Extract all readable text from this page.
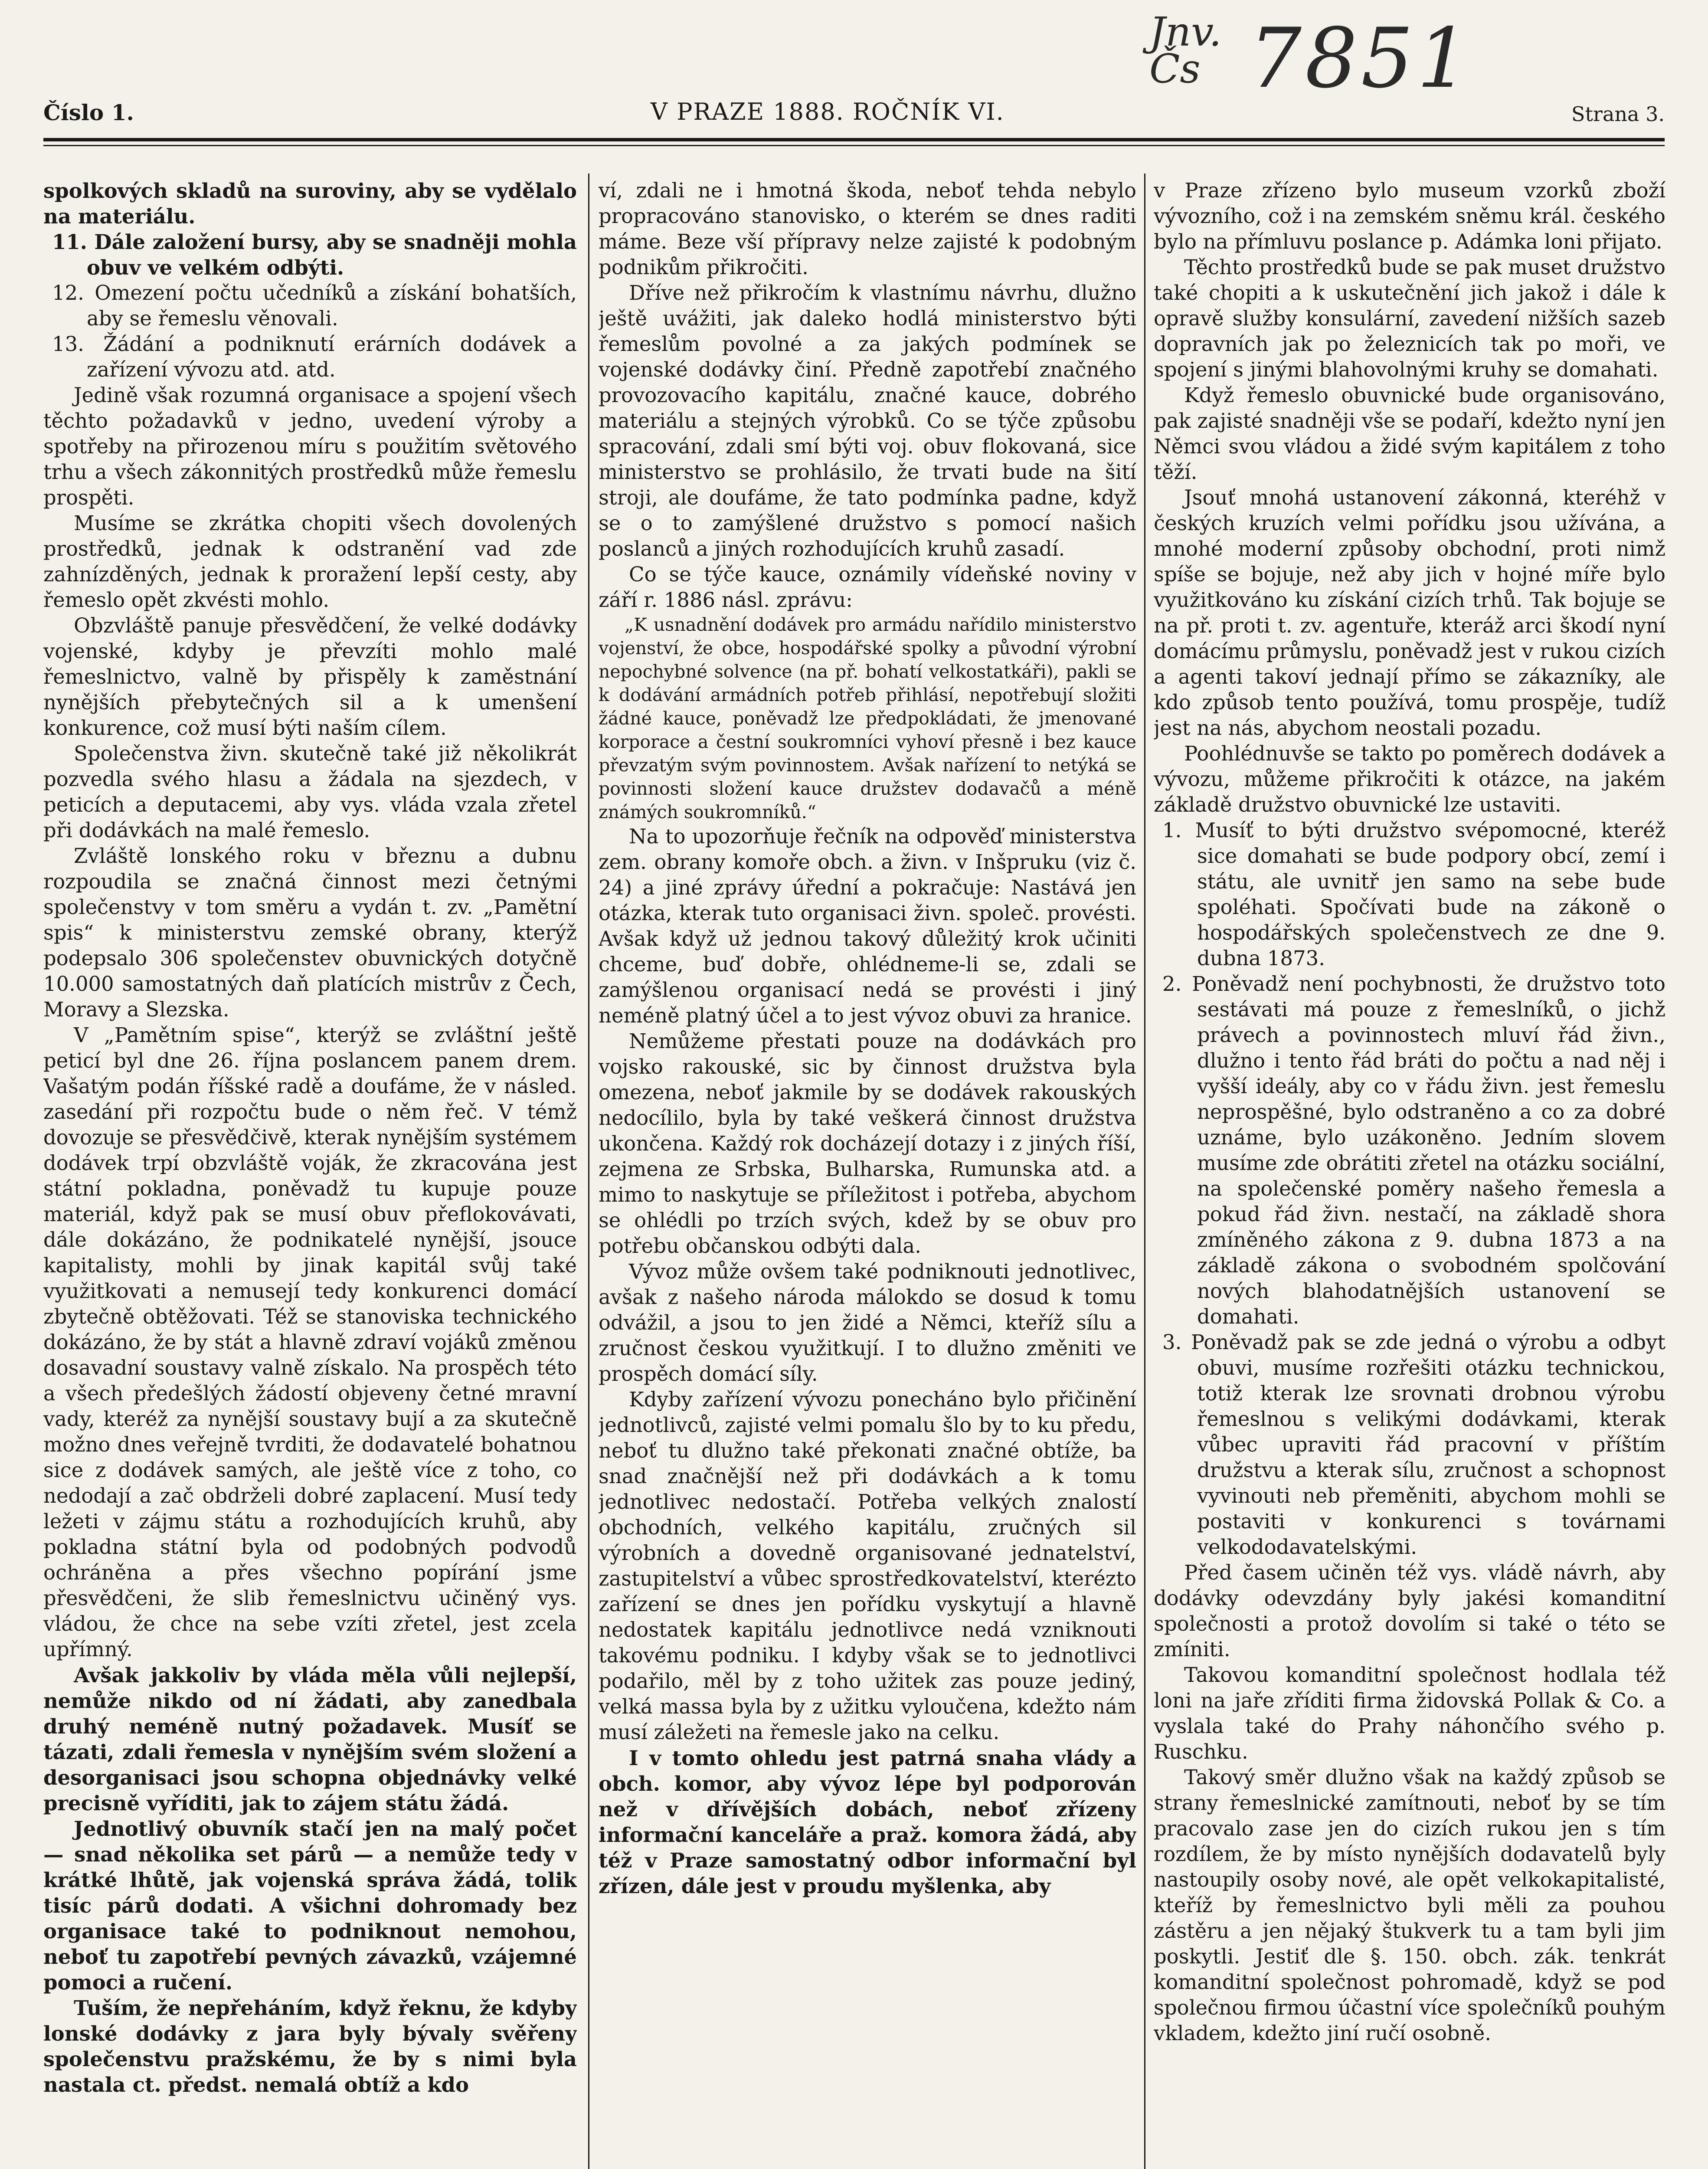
Číslo 1.	V PRAZE 1888. ROČNÍK VI.	Strana 3.
Jnv.
Čs 7851

spolkových skladů na suroviny, aby se vydělalo na materiálu.

11. Dále založení bursy, aby se snadněji mohla obuv ve velkém odbýti.

12. Omezení počtu učedníků a získání bohatších, aby se řemeslu věnovali.

13. Žádání a podniknutí erárních dodávek a zařízení vývozu atd. atd.

Jedině však rozumná organisace a spojení všech těchto požadavků v jedno, uvedení výroby a spotřeby na přirozenou míru s použitím světového trhu a všech zákonnitých prostředků může řemeslu prospěti.

Musíme se zkrátka chopiti všech dovolených prostředků, jednak k odstranění vad zde zahnízděných, jednak k proražení lepší cesty, aby řemeslo opět zkvésti mohlo.

Obzvláště panuje přesvědčení, že velké dodávky vojenské, kdyby je převzíti mohlo malé řemeslnictvo, valně by přispěly k zaměstnání nynějších přebytečných sil a k umenšení konkurence, což musí býti naším cílem.

Společenstva živn. skutečně také již několikrát pozvedla svého hlasu a žádala na sjezdech, v peticích a deputacemi, aby vys. vláda vzala zřetel při dodávkách na malé řemeslo.

Zvláště lonského roku v březnu a dubnu rozpoudila se značná činnost mezi četnými společenstvy v tom směru a vydán t. zv. „Pamětní spis“ k ministerstvu zemské obrany, kterýž podepsalo 306 společenstev obuvnických dotyčně 10.000 samostatných daň platících mistrův z Čech, Moravy a Slezska.

V „Pamětním spise“, kterýž se zvláštní ještě peticí byl dne 26. října poslancem panem drem. Vašatým podán říšské radě a doufáme, že v násled. zasedání při rozpočtu bude o něm řeč. V témž dovozuje se přesvědčivě, kterak nynějším systémem dodávek trpí obzvláště voják, že zkracována jest státní pokladna, poněvadž tu kupuje pouze materiál, když pak se musí obuv přeflokovávati, dále dokázáno, že podnikatelé nynější, jsouce kapitalisty, mohli by jinak kapitál svůj také využitkovati a nemusejí tedy konkurenci domácí zbytečně obtěžovati. Též se stanoviska technického dokázáno, že by stát a hlavně zdraví vojáků změnou dosavadní soustavy valně získalo. Na prospěch této a všech předešlých žádostí objeveny četné mravní vady, kteréž za nynější soustavy bují a za skutečně možno dnes veřejně tvrditi, že dodavatelé bohatnou sice z dodávek samých, ale ještě více z toho, co nedodají a zač obdrželi dobré zaplacení. Musí tedy ležeti v zájmu státu a rozhodujících kruhů, aby pokladna státní byla od podobných podvodů ochráněna a přes všechno popírání jsme přesvědčeni, že slib řemeslnictvu učiněný vys. vládou, že chce na sebe vzíti zřetel, jest zcela upřímný.

Avšak jakkoliv by vláda měla vůli nejlepší, nemůže nikdo od ní žádati, aby zanedbala druhý neméně nutný požadavek. Musíť se tázati, zdali řemesla v nynějším svém složení a desorganisaci jsou schopna objednávky velké precisně vyříditi, jak to zájem státu žádá.

Jednotlivý obuvník stačí jen na malý počet — snad několika set párů — a nemůže tedy v krátké lhůtě, jak vojenská správa žádá, tolik tisíc párů dodati. A všichni dohromady bez organisace také to podniknout nemohou, neboť tu zapotřebí pevných závazků, vzájemné pomoci a ručení.

Tuším, že nepřeháním, když řeknu, že kdyby lonské dodávky z jara byly bývaly svěřeny společenstvu pražskému, že by s nimi byla nastala ct. předst. nemalá obtíž a kdo

ví, zdali ne i hmotná škoda, neboť tehda nebylo propracováno stanovisko, o kterém se dnes raditi máme. Beze vší přípravy nelze zajisté k podobným podnikům přikročiti.

Dříve než přikročím k vlastnímu návrhu, dlužno ještě uvážiti, jak daleko hodlá ministerstvo býti řemeslům povolné a za jakých podmínek se vojenské dodávky činí. Předně zapotřebí značného provozovacího kapitálu, značné kauce, dobrého materiálu a stejných výrobků. Co se týče způsobu spracování, zdali smí býti voj. obuv flokovaná, sice ministerstvo se prohlásilo, že trvati bude na šití stroji, ale doufáme, že tato podmínka padne, když se o to zamýšlené družstvo s pomocí našich poslanců a jiných rozhodujících kruhů zasadí.

Co se týče kauce, oznámily vídeňské noviny v září r. 1886 násl. zprávu:

„K usnadnění dodávek pro armádu nařídilo ministerstvo vojenství, že obce, hospodářské spolky a původní výrobní nepochybné solvence (na př. bohatí velkostatkáři), pakli se k dodávání armádních potřeb přihlásí, nepotřebují složiti žádné kauce, poněvadž lze předpokládati, že jmenované korporace a čestní soukromníci vyhoví přesně i bez kauce převzatým svým povinnostem. Avšak nařízení to netýká se povinnosti složení kauce družstev dodavačů a méně známých soukromníků.“

Na to upozorňuje řečník na odpověď ministerstva zem. obrany komoře obch. a živn. v Inšpruku (viz č. 24) a jiné zprávy úřední a pokračuje: Nastává jen otázka, kterak tuto organisaci živn. společ. provésti. Avšak když už jednou takový důležitý krok učiniti chceme, buď dobře, ohlédneme-li se, zdali se zamýšlenou organisací nedá se provésti i jiný neméně platný účel a to jest vývoz obuvi za hranice.

Nemůžeme přestati pouze na dodávkách pro vojsko rakouské, sic by činnost družstva byla omezena, neboť jakmile by se dodávek rakouských nedocílilo, byla by také veškerá činnost družstva ukončena. Každý rok docházejí dotazy i z jiných říší, zejmena ze Srbska, Bulharska, Rumunska atd. a mimo to naskytuje se příležitost i potřeba, abychom se ohlédli po trzích svých, kdež by se obuv pro potřebu občanskou odbýti dala.

Vývoz může ovšem také podniknouti jednotlivec, avšak z našeho národa málokdo se dosud k tomu odvážil, a jsou to jen židé a Němci, kteříž sílu a zručnost českou využitkují. I to dlužno změniti ve prospěch domácí síly.

Kdyby zařízení vývozu ponecháno bylo přičinění jednotlivců, zajisté velmi pomalu šlo by to ku předu, neboť tu dlužno také překonati značné obtíže, ba snad značnější než při dodávkách a k tomu jednotlivec nedostačí. Potřeba velkých znalostí obchodních, velkého kapitálu, zručných sil výrobních a dovedně organisované jednatelství, zastupitelství a vůbec sprostředkovatelství, kterézto zařízení se dnes jen pořídku vyskytují a hlavně nedostatek kapitálu jednotlivce nedá vzniknouti takovému podniku. I kdyby však se to jednotlivci podařilo, měl by z toho užitek zas pouze jediný, velká massa byla by z užitku vyloučena, kdežto nám musí záležeti na řemesle jako na celku.

I v tomto ohledu jest patrná snaha vlády a obch. komor, aby vývoz lépe byl podporován než v dřívějších dobách, neboť zřízeny informační kanceláře a praž. komora žádá, aby též v Praze samostatný odbor informační byl zřízen, dále jest v proudu myšlenka, aby

v Praze zřízeno bylo museum vzorků zboží vývozního, což i na zemském sněmu král. českého bylo na přímluvu poslance p. Adámka loni přijato.

Těchto prostředků bude se pak muset družstvo také chopiti a k uskutečnění jich jakož i dále k opravě služby konsulární, zavedení nižších sazeb dopravních jak po železnicích tak po moři, ve spojení s jinými blahovolnými kruhy se domahati.

Když řemeslo obuvnické bude organisováno, pak zajisté snadněji vše se podaří, kdežto nyní jen Němci svou vládou a židé svým kapitálem z toho těží.

Jsouť mnohá ustanovení zákonná, kteréhž v českých kruzích velmi pořídku jsou užívána, a mnohé moderní způsoby obchodní, proti nimž spíše se bojuje, než aby jich v hojné míře bylo využitkováno ku získání cizích trhů. Tak bojuje se na př. proti t. zv. agentuře, kteráž arci škodí nyní domácímu průmyslu, poněvadž jest v rukou cizích a agenti takoví jednají přímo se zákazníky, ale kdo způsob tento používá, tomu prospěje, tudíž jest na nás, abychom neostali pozadu.

Poohlédnuvše se takto po poměrech dodávek a vývozu, můžeme přikročiti k otázce, na jakém základě družstvo obuvnické lze ustaviti.

1. Musíť to býti družstvo svépomocné, kteréž sice domahati se bude podpory obcí, zemí i státu, ale uvnitř jen samo na sebe bude spoléhati. Spočívati bude na zákoně o hospodářských společenstvech ze dne 9. dubna 1873.

2. Poněvadž není pochybnosti, že družstvo toto sestávati má pouze z řemeslníků, o jichž právech a povinnostech mluví řád živn., dlužno i tento řád bráti do počtu a nad něj i vyšší ideály, aby co v řádu živn. jest řemeslu neprospěšné, bylo odstraněno a co za dobré uznáme, bylo uzákoněno. Jedním slovem musíme zde obrátiti zřetel na otázku sociální, na společenské poměry našeho řemesla a pokud řád živn. nestačí, na základě shora zmíněného zákona z 9. dubna 1873 a na základě zákona o svobodném spolčování nových blahodatnějších ustanovení se domahati.

3. Poněvadž pak se zde jedná o výrobu a odbyt obuvi, musíme rozřešiti otázku technickou, totiž kterak lze srovnati drobnou výrobu řemeslnou s velikými dodávkami, kterak vůbec upraviti řád pracovní v příštím družstvu a kterak sílu, zručnost a schopnost vyvinouti neb přeměniti, abychom mohli se postaviti v konkurenci s továrnami velkododavatelskými.

Před časem učiněn též vys. vládě návrh, aby dodávky odevzdány byly jakési komanditní společnosti a protož dovolím si také o této se zmíniti.

Takovou komanditní společnost hodlala též loni na jaře zříditi firma židovská Pollak & Co. a vyslala také do Prahy náhončího svého p. Ruschku.

Takový směr dlužno však na každý způsob se strany řemeslnické zamítnouti, neboť by se tím pracovalo zase jen do cizích rukou jen s tím rozdílem, že by místo nynějších dodavatelů byly nastoupily osoby nové, ale opět velkokapitalisté, kteříž by řemeslnictvo byli měli za pouhou zástěru a jen nějaký štukverk tu a tam byli jim poskytli. Jestiť dle §. 150. obch. zák. tenkrát komanditní společnost pohromadě, když se pod společnou firmou účastní více společníků pouhým vkladem, kdežto jiní ručí osobně.
